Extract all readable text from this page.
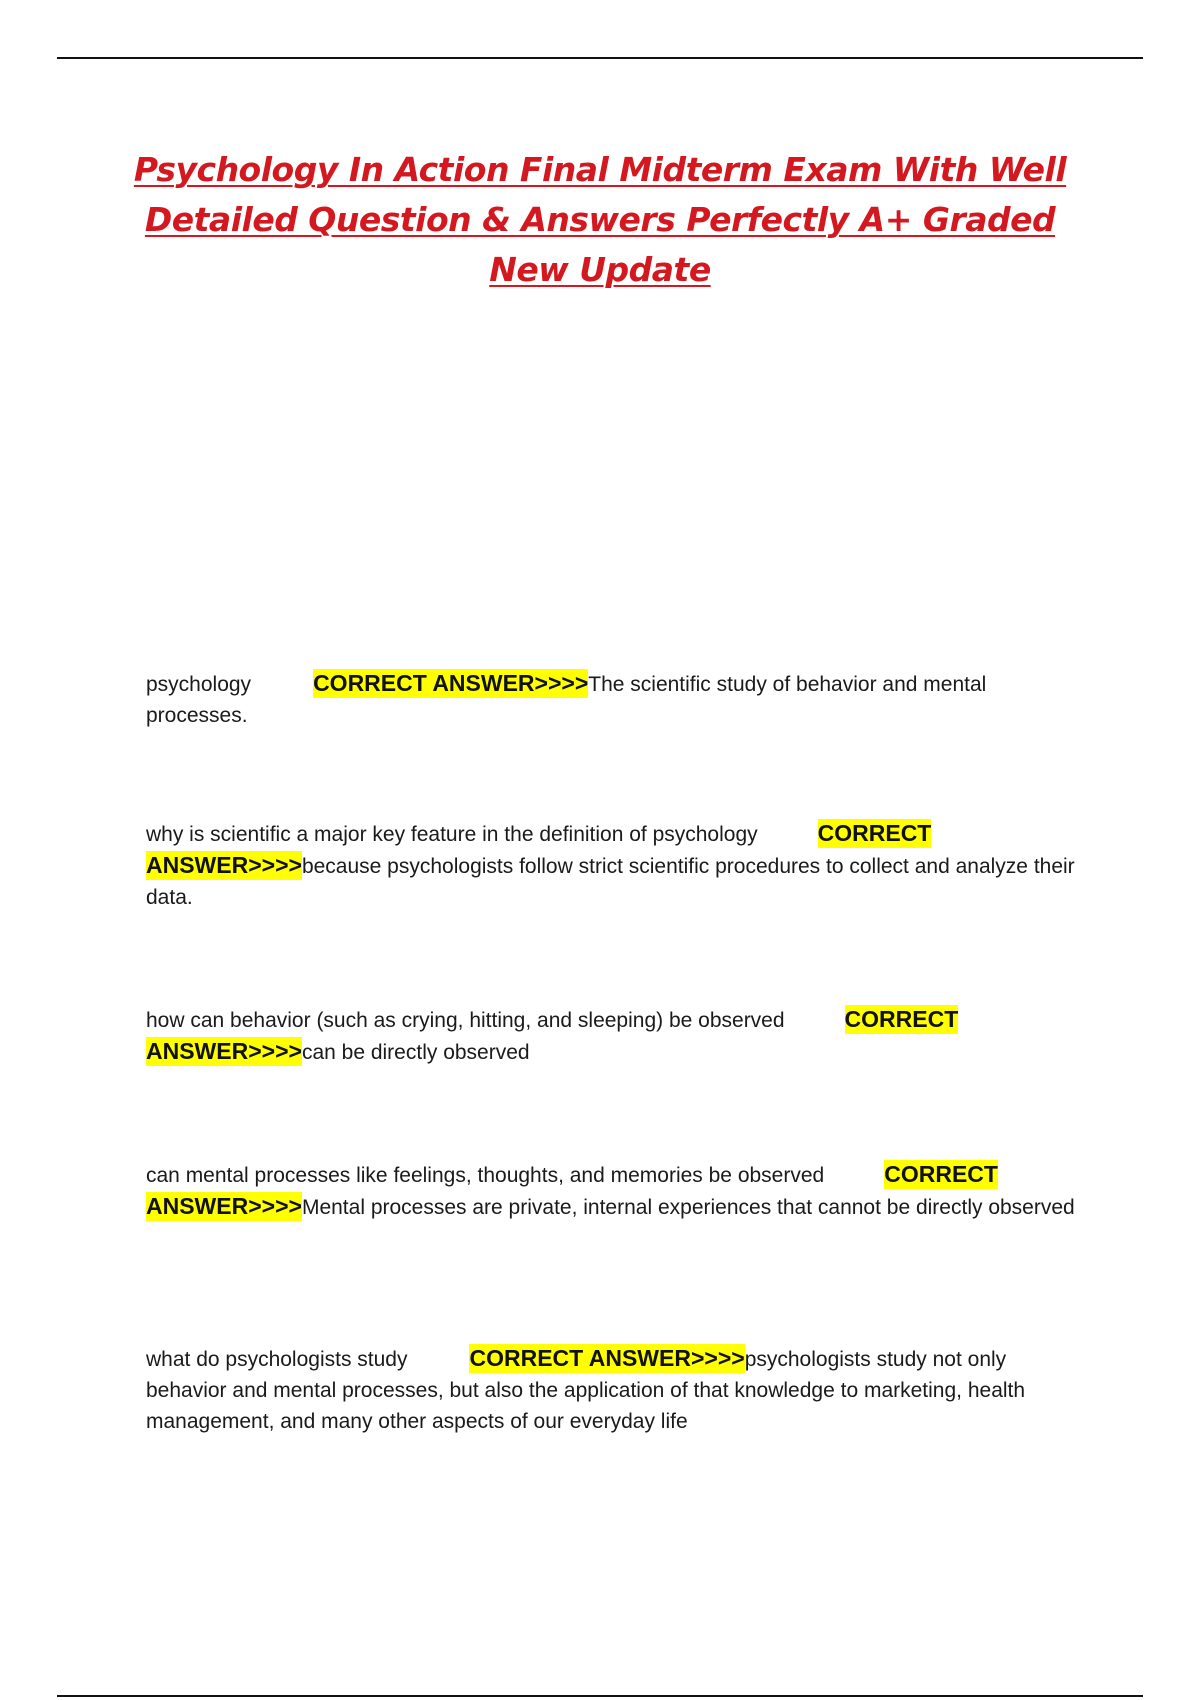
Psychology In Action Final Midterm Exam With Well Detailed Question & Answers Perfectly A+ Graded New Update

psychology	CORRECT ANSWER>>>>The scientific study of behavior and mental processes.

why is scientific a major key feature in the definition of psychology	CORRECT ANSWER>>>>because psychologists follow strict scientific procedures to collect and analyze their data.

how can behavior (such as crying, hitting, and sleeping) be observed	CORRECT ANSWER>>>>can be directly observed

can mental processes like feelings, thoughts, and memories be observed	CORRECT ANSWER>>>>Mental processes are private, internal experiences that cannot be directly observed

what do psychologists study	CORRECT ANSWER>>>>psychologists study not only behavior and mental processes, but also the application of that knowledge to marketing, health management, and many other aspects of our everyday life
